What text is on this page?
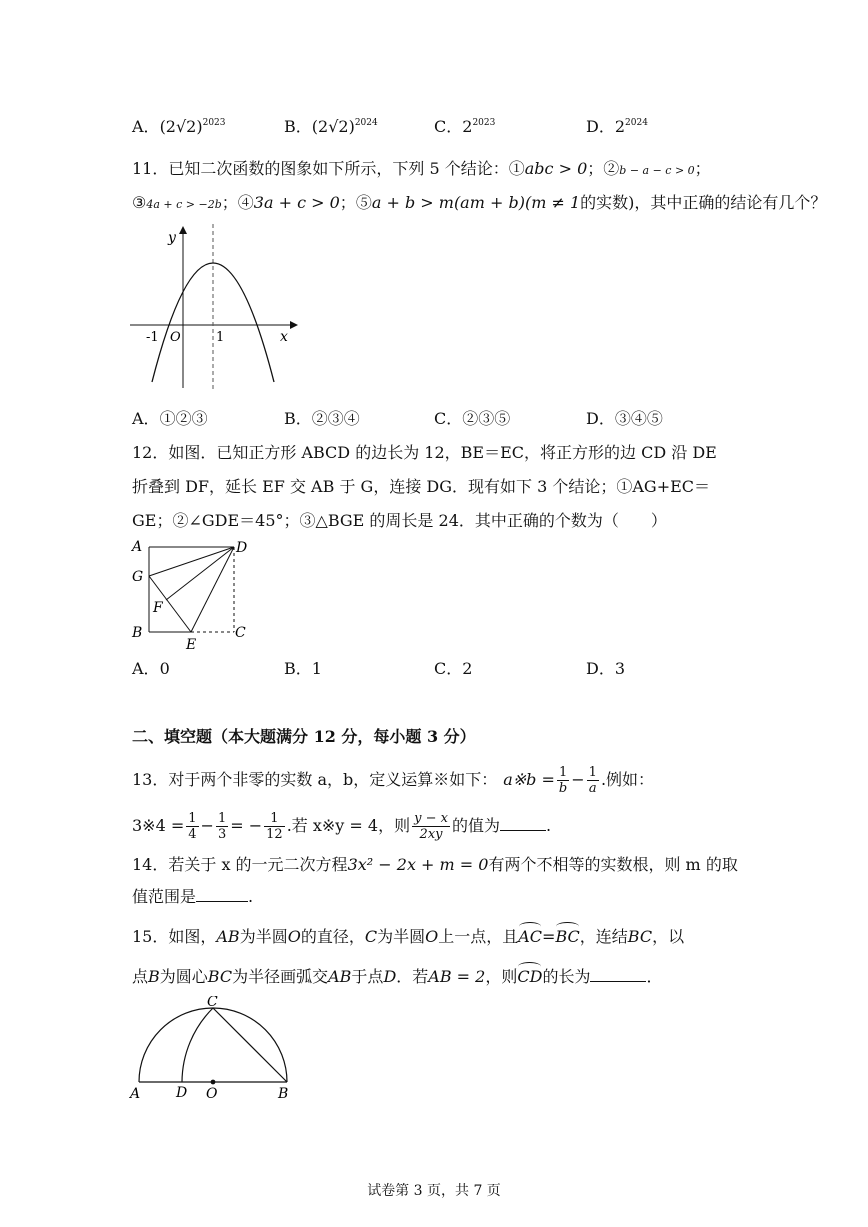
A．$(2√2)^{2023}$	B．$(2√2)^{2024}$	C．$2^{2023}$	D．$2^{2024}$
11．已知二次函数的图象如下所示，下列 5 个结论：①abc > 0；②b − a − c > 0；
③4a + c > −2b；④3a + c > 0；⑤a + b > m(am + b)(m ≠ 1的实数)，其中正确的结论有几个？
y
x
O
-1	1
A．①②③	B．②③④	C．②③⑤	D．③④⑤
12．如图．已知正方形 ABCD 的边长为 12，BE＝EC，将正方形的边 CD 沿 DE
折叠到 DF，延长 EF 交 AB 于 G，连接 DG．现有如下 3 个结论；①AG+EC＝
GE；②∠GDE＝45°；③△BGE 的周长是 24．其中正确的个数为（　　）
A	D
G
F
B
E
C
A．0	B．1	C．2	D．3
二、填空题（本大题满分 12 分，每小题 3 分）
13．对于两个非零的实数 a，b，定义运算※如下： a※b = $\frac{1}{b} - \frac{1}{a}$ .例如：
3※4 = $\frac{1}{4} - \frac{1}{3}$ = − $\frac{1}{12}$ .若 x※y = 4，则 $\frac{y - x}{2xy}$ 的值为	.
14．若关于 x 的一元二次方程3x² − 2x + m = 0有两个不相等的实数根，则 m 的取
值范围是	.
15．如图，AB为半圆O的直径，C为半圆O上一点，且AC=BC，连结BC，以
点B为圆心BC为半径画弧交AB于点D．若AB = 2，则CD的长为	．
C
A	D O	B
试卷第 3 页，共 7 页
